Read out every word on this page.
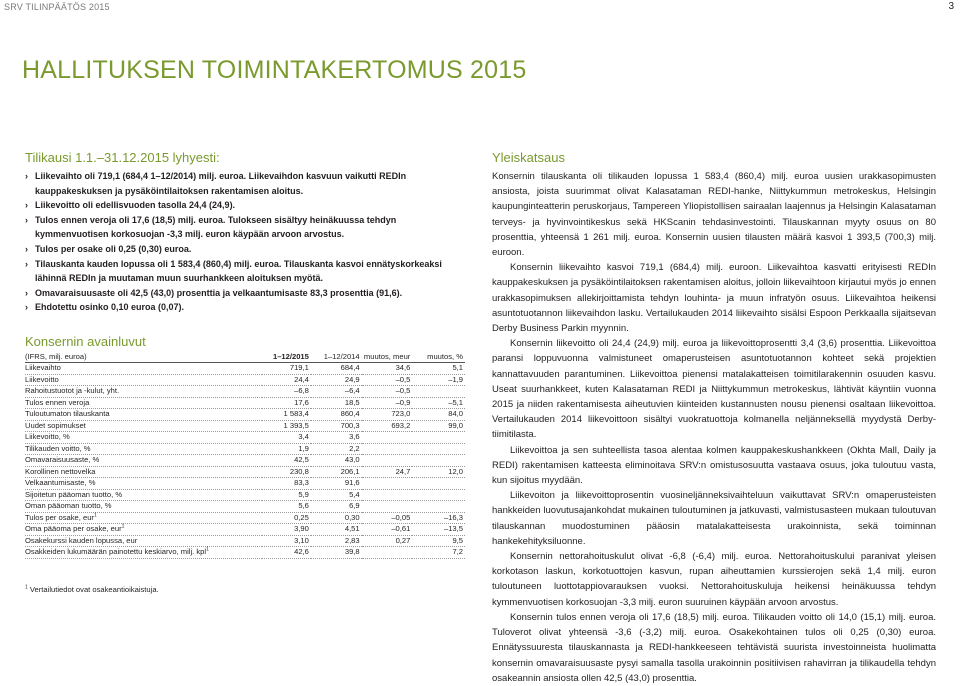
SRV TILINPÄÄTÖS 2015	3
HALLITUKSEN TOIMINTAKERTOMUS 2015
Tilikausi 1.1.–31.12.2015 lyhyesti:
› Liikevaihto oli 719,1 (684,4 1–12/2014) milj. euroa. Liikevaihdon kasvuun vaikutti REDIn kauppakeskuksen ja pysäköintilaitoksen rakentamisen aloitus.
› Liikevoitto oli edellisvuoden tasolla 24,4 (24,9).
› Tulos ennen veroja oli 17,6 (18,5) milj. euroa. Tulokseen sisältyy heinäkuussa tehdyn kymmenvuotisen korkosuojan -3,3 milj. euron käypään arvoon arvostus.
› Tulos per osake oli 0,25 (0,30) euroa.
› Tilauskanta kauden lopussa oli 1 583,4 (860,4) milj. euroa. Tilauskanta kasvoi ennätyskorkeaksi lähinnä REDIn ja muutaman muun suurhankkeen aloituksen myötä.
› Omavaraisuusaste oli 42,5 (43,0) prosenttia ja velkaantumisaste 83,3 prosenttia (91,6).
› Ehdotettu osinko 0,10 euroa (0,07).
Konsernin avainluvut
(IFRS, milj. euroa)	1–12/2015	1–12/2014	muutos, meur	muutos, %
Liikevaihto	719,1	684,4	34,6	5,1
Liikevoitto	24,4	24,9	–0,5	–1,9
Rahoitustuotot ja -kulut, yht.	–6,8	–6,4	–0,5	
Tulos ennen veroja	17,6	18,5	–0,9	–5,1
Tuloutumaton tilauskanta	1 583,4	860,4	723,0	84,0
Uudet sopimukset	1 393,5	700,3	693,2	99,0
Liikevoitto, %	3,4	3,6		
Tilikauden voitto, %	1,9	2,2		
Omavaraisuusaste, %	42,5	43,0		
Korollinen nettovelka	230,8	206,1	24,7	12,0
Velkaantumisaste, %	83,3	91,6		
Sijoitetun pääoman tuotto, %	5,9	5,4		
Oman pääoman tuotto, %	5,6	6,9		
Tulos per osake, eur$^1$	0,25	0,30	–0,05	–16,3
Oma pääoma per osake, eur$^1$	3,90	4,51	–0,61	–13,5
Osakekurssi kauden lopussa, eur	3,10	2,83	0,27	9,5
Osakkeiden lukumäärän painotettu keskiarvo, milj. kpl$^1$	42,6	39,8		7,2
$^1$ Vertailutiedot ovat osakeantioikaistuja.
Yleiskatsaus

Konsernin tilauskanta oli tilikauden lopussa 1 583,4 (860,4) milj. euroa uusien urakkasopimusten ansiosta, joista suurimmat olivat Kalasataman REDI-hanke, Niittykummun metrokeskus, Helsingin kaupunginteatterin peruskorjaus, Tampereen Yliopistollisen sairaalan laajennus ja Helsingin Kalasataman terveys- ja hyvinvointikeskus sekä HKScanin tehdasinvestointi. Tilauskannan myyty osuus on 80 prosenttia, yhteensä 1 261 milj. euroa. Konsernin uusien tilausten määrä kasvoi 1 393,5 (700,3) milj. euroon.

Konsernin liikevaihto kasvoi 719,1 (684,4) milj. euroon. Liikevaihtoa kasvatti erityisesti REDIn kauppakeskuksen ja pysäköintilaitoksen rakentamisen aloitus, jolloin liikevaihtoon kirjautui myös jo ennen urakkasopimuksen allekirjoittamista tehdyn louhinta- ja muun infratyön osuus. Liikevaihtoa heikensi asuntotuotannon liikevaihdon lasku. Vertailukauden 2014 liikevaihto sisälsi Espoon Perkkaalla sijaitsevan Derby Business Parkin myynnin.

Konsernin liikevoitto oli 24,4 (24,9) milj. euroa ja liikevoittoprosentti 3,4 (3,6) prosenttia. Liikevoittoa paransi loppuvuonna valmistuneet omaperusteisen asuntotuotannon kohteet sekä projektien kannattavuuden parantuminen. Liikevoittoa pienensi matalakatteisen toimitilarakennin osuuden kasvu. Useat suurhankkeet, kuten Kalasataman REDI ja Niittykummun metrokeskus, lähtivät käyntiin vuonna 2015 ja niiden rakentamisesta aiheutuvien kiinteiden kustannusten nousu pienensi osaltaan liikevoittoa. Vertailukauden 2014 liikevoittoon sisältyi vuokratuottoja kolmanella neljänneksellä myydystä Derby-tiimitilasta.

Liikevoittoa ja sen suhteellista tasoa alentaa kolmen kauppakeskushankkeen (Okhta Mall, Daily ja REDI) rakentamisen katteesta eliminoitava SRV:n omistusosuutta vastaava osuus, joka tuloutuu vasta, kun sijoitus myydään.

Liikevoiton ja liikevoittoprosentin vuosineljänneksivaihteluun vaikuttavat SRV:n omaperusteisten hankkeiden luovutusajankohdat mukainen tuloutuminen ja jatkuvasti, valmistusasteen mukaan tuloutuvan tilauskannan muodostuminen pääosin matalakatteisesta urakoinnista, sekä toiminnan hankekehityksiluonne.

Konsernin nettorahoituskulut olivat -6,8 (-6,4) milj. euroa. Nettorahoituskului paranivat yleisen korkotason laskun, korkotuottojen kasvun, rupan aiheuttamien kurssierojen sekä 1,4 milj. euron tuloutuneen luottotappiovarauksen vuoksi. Nettorahoituskuluja heikensi heinäkuussa tehdyn kymmenvuotisen korkosuojan -3,3 milj. euron suuruinen käypään arvoon arvostus.

Konsernin tulos ennen veroja oli 17,6 (18,5) milj. euroa. Tilikauden voitto oli 14,0 (15,1) milj. euroa. Tuloverot olivat yhteensä -3,6 (-3,2) milj. euroa. Osakekohtainen tulos oli 0,25 (0,30) euroa. Ennätyssuuresta tilauskannasta ja REDI-hankkeeseen tehtävistä suurista investoinneista huolimatta konsernin omavaraisuusaste pysyi samalla tasolla urakoinnin positiivisen rahavirran ja tilikaudella tehdyn osakeannin ansiosta ollen 42,5 (43,0) prosenttia.
